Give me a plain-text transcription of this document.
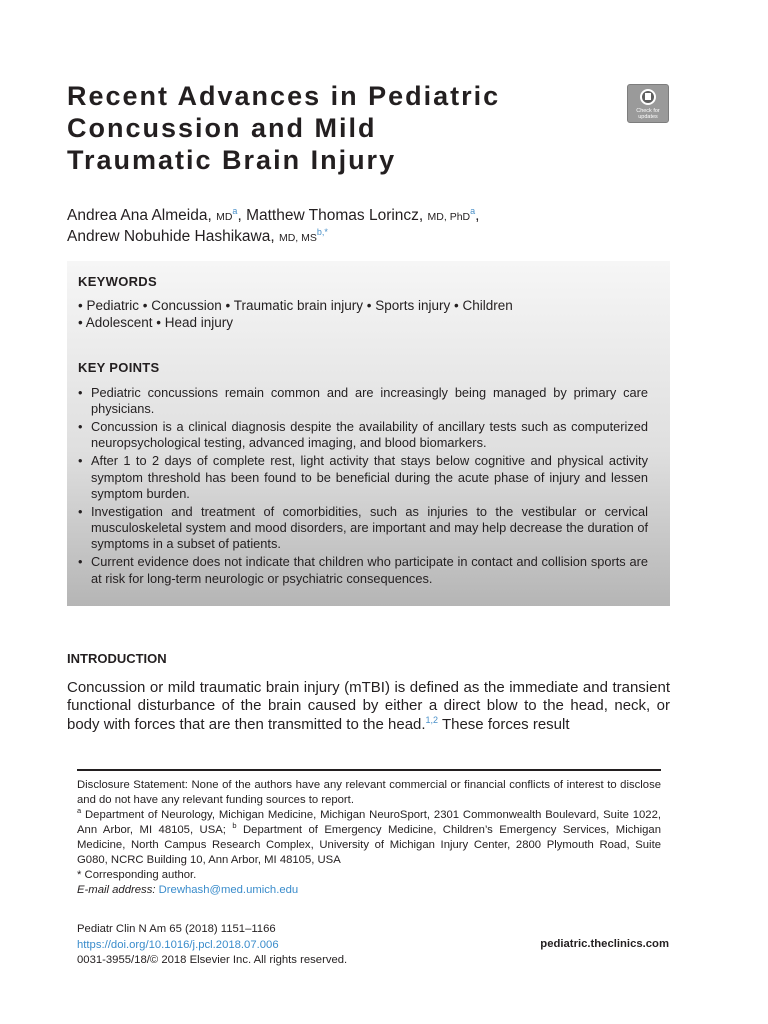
Recent Advances in Pediatric
Concussion and Mild
Traumatic Brain Injury
Check for updates

Andrea Ana Almeida, $MD^a$, Matthew Thomas Lorincz, MD, PhD$^a$,
Andrew Nobuhide Hashikawa, MD, $MS^{b,*}$

KEYWORDS
• Pediatric • Concussion • Traumatic brain injury • Sports injury • Children
• Adolescent • Head injury
KEY POINTS
• Pediatric concussions remain common and are increasingly being managed by primary care physicians.
• Concussion is a clinical diagnosis despite the availability of ancillary tests such as computerized neuropsychological testing, advanced imaging, and blood biomarkers.
• After 1 to 2 days of complete rest, light activity that stays below cognitive and physical activity symptom threshold has been found to be beneficial during the acute phase of injury and lessen symptom burden.
• Investigation and treatment of comorbidities, such as injuries to the vestibular or cervical musculoskeletal system and mood disorders, are important and may help decrease the duration of symptoms in a subset of patients.
• Current evidence does not indicate that children who participate in contact and collision sports are at risk for long-term neurologic or psychiatric consequences.
INTRODUCTION

Concussion or mild traumatic brain injury (mTBI) is defined as the immediate and transient functional disturbance of the brain caused by either a direct blow to the head, neck, or body with forces that are then transmitted to the head.$^{1,2}$ These forces result

Disclosure Statement: None of the authors have any relevant commercial or financial conflicts of interest to disclose and do not have any relevant funding sources to report.

$^a$ Department of Neurology, Michigan Medicine, Michigan NeuroSport, 2301 Commonwealth Boulevard, Suite 1022, Ann Arbor, MI 48105, USA; $^b$ Department of Emergency Medicine, Children’s Emergency Services, Michigan Medicine, North Campus Research Complex, University of Michigan Injury Center, 2800 Plymouth Road, Suite G080, NCRC Building 10, Ann Arbor, MI 48105, USA

* Corresponding author.

E-mail address: Drewhash@med.umich.edu

Pediatr Clin N Am 65 (2018) 1151–1166

https://doi.org/10.1016/j.pcl.2018.07.006

0031-3955/18/© 2018 Elsevier Inc. All rights reserved.

pediatric.theclinics.com
